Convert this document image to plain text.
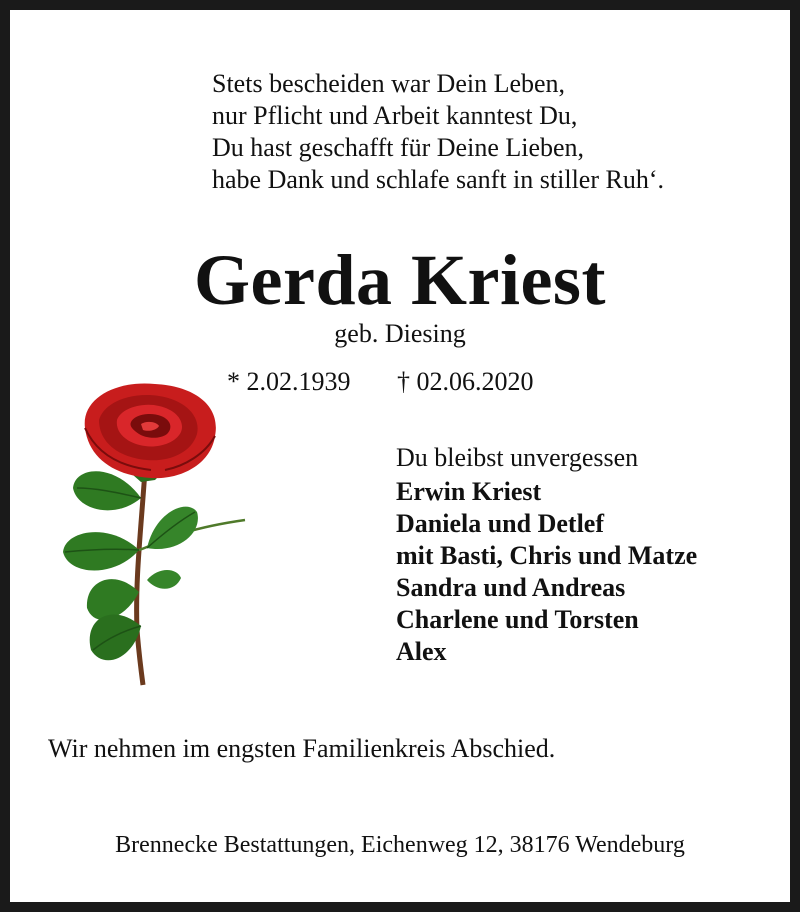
Stets bescheiden war Dein Leben,
nur Pflicht und Arbeit kanntest Du,
Du hast geschafft für Deine Lieben,
habe Dank und schlafe sanft in stiller Ruh‘.
Gerda Kriest
geb. Diesing
* 2.02.1939 † 02.06.2020
Du bleibst unvergessen
Erwin Kriest
Daniela und Detlef
mit Basti, Chris und Matze
Sandra und Andreas
Charlene und Torsten
Alex
Wir nehmen im engsten Familienkreis Abschied.
Brennecke Bestattungen, Eichenweg 12, 38176 Wendeburg
